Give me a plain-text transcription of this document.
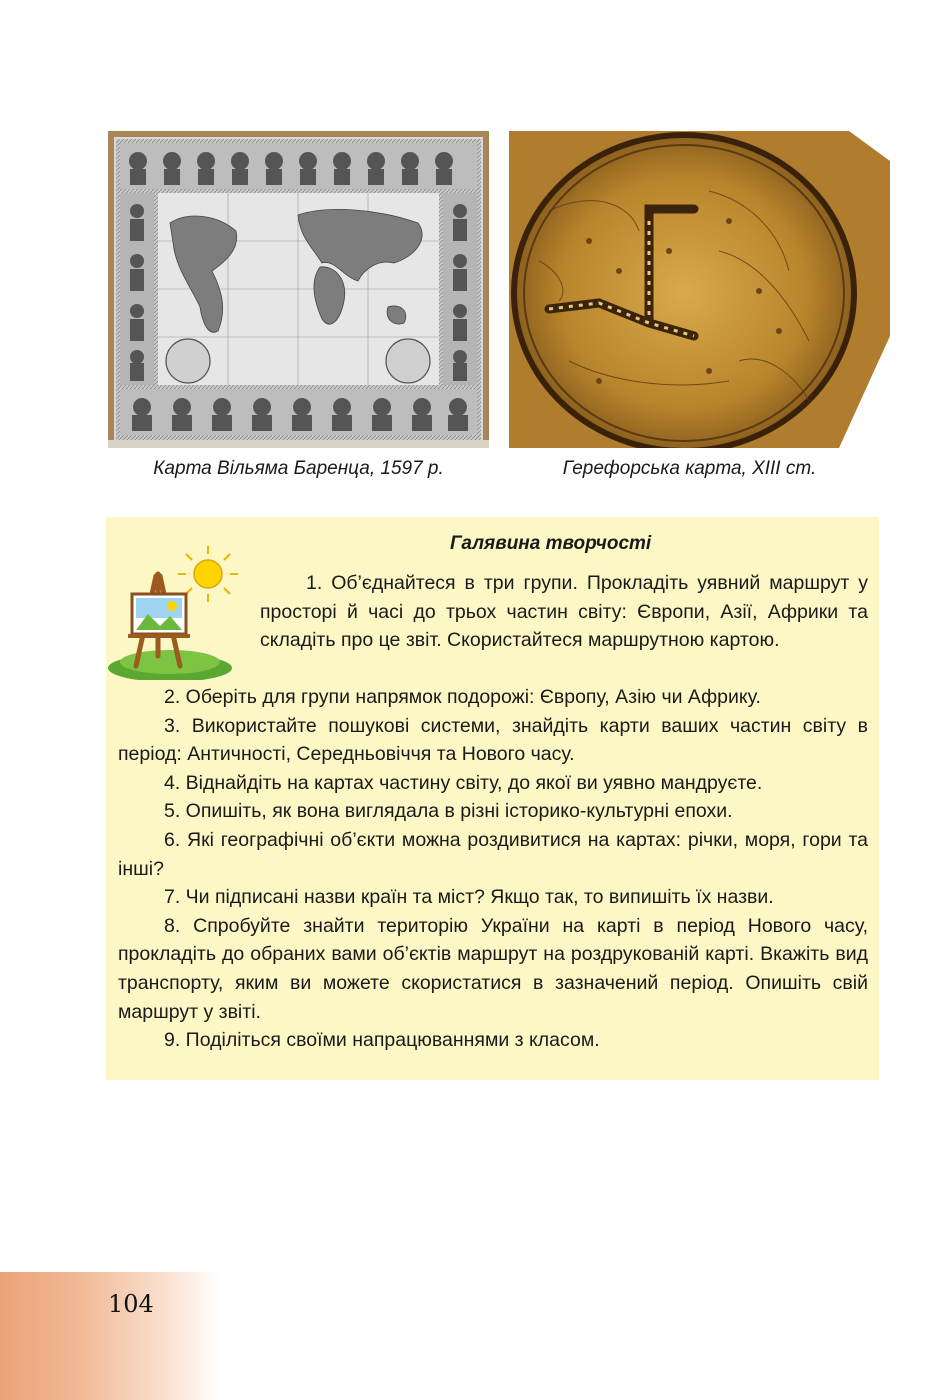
Карта Вільяма Баренца, 1597 р.	Герефорська карта, XIII ст.
Галявина творчості

1. Об’єднайтеся в три групи. Прокладіть уявний маршрут у просторі й часі до трьох частин світу: Європи, Азії, Африки та складіть про це звіт. Скористайтеся маршрутною картою.

2. Оберіть для групи напрямок подорожі: Європу, Азію чи Африку.

3. Використайте пошукові системи, знайдіть карти ваших частин світу в період: Античності, Середньовіччя та Нового часу.

4. Віднайдіть на картах частину світу, до якої ви уявно мандруєте.

5. Опишіть, як вона виглядала в різні історико-культурні епохи.

6. Які географічні об’єкти можна роздивитися на картах: річки, моря, гори та інші?

7. Чи підписані назви країн та міст? Якщо так, то випишіть їх назви.

8. Спробуйте знайти територію України на карті в період Нового часу, прокладіть до обраних вами об’єктів маршрут на роздрукованій карті. Вкажіть вид транспорту, яким ви можете скористатися в зазначений період. Опишіть свій маршрут у звіті.

9. Поділіться своїми напрацюваннями з класом.

104
